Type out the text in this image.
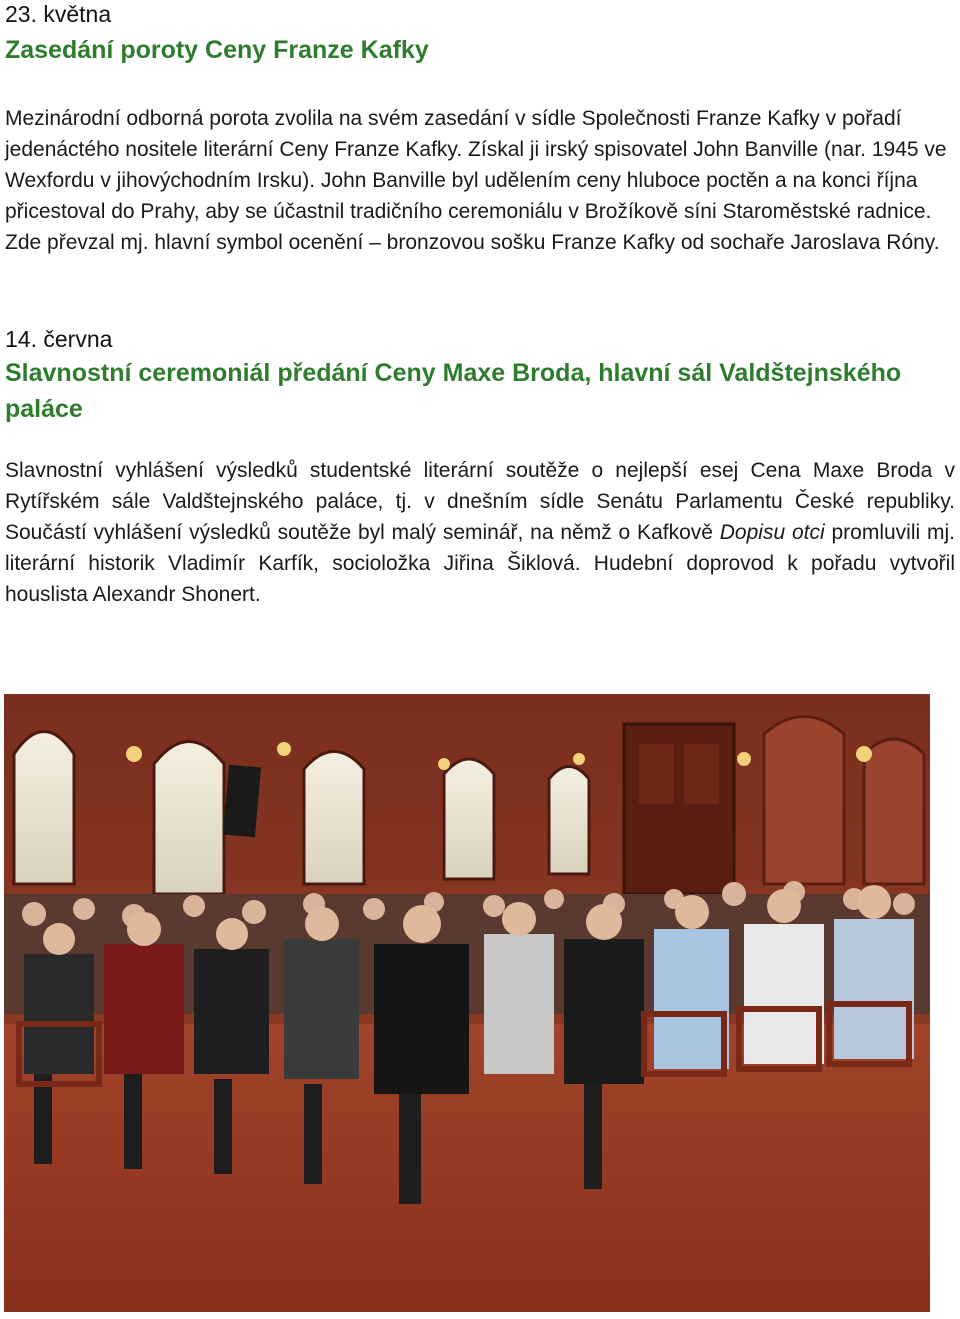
23. května
Zasedání poroty Ceny Franze Kafky

Mezinárodní odborná porota zvolila na svém zasedání v sídle Společnosti Franze Kafky v pořadí jedenáctého nositele literární Ceny Franze Kafky. Získal ji irský spisovatel John Banville (nar. 1945 ve Wexfordu v jihovýchodním Irsku). John Banville byl udělením ceny hluboce poctěn a na konci října přicestoval do Prahy, aby se účastnil tradičního ceremoniálu v Brožíkově síni Staroměstské radnice. Zde převzal mj. hlavní symbol ocenění – bronzovou sošku Franze Kafky od sochaře Jaroslava Róny.

14. června
Slavnostní ceremoniál předání Ceny Maxe Broda, hlavní sál Valdštejnského paláce

Slavnostní vyhlášení výsledků studentské literární soutěže o nejlepší esej Cena Maxe Broda v Rytířském sále Valdštejnského paláce, tj. v dnešním sídle Senátu Parlamentu České republiky. Součástí vyhlášení výsledků soutěže byl malý seminář, na němž o Kafkově Dopisu otci promluvili mj. literární historik Vladimír Karfík, socioložka Jiřina Šiklová. Hudební doprovod k pořadu vytvořil houslista Alexandr Shonert.
